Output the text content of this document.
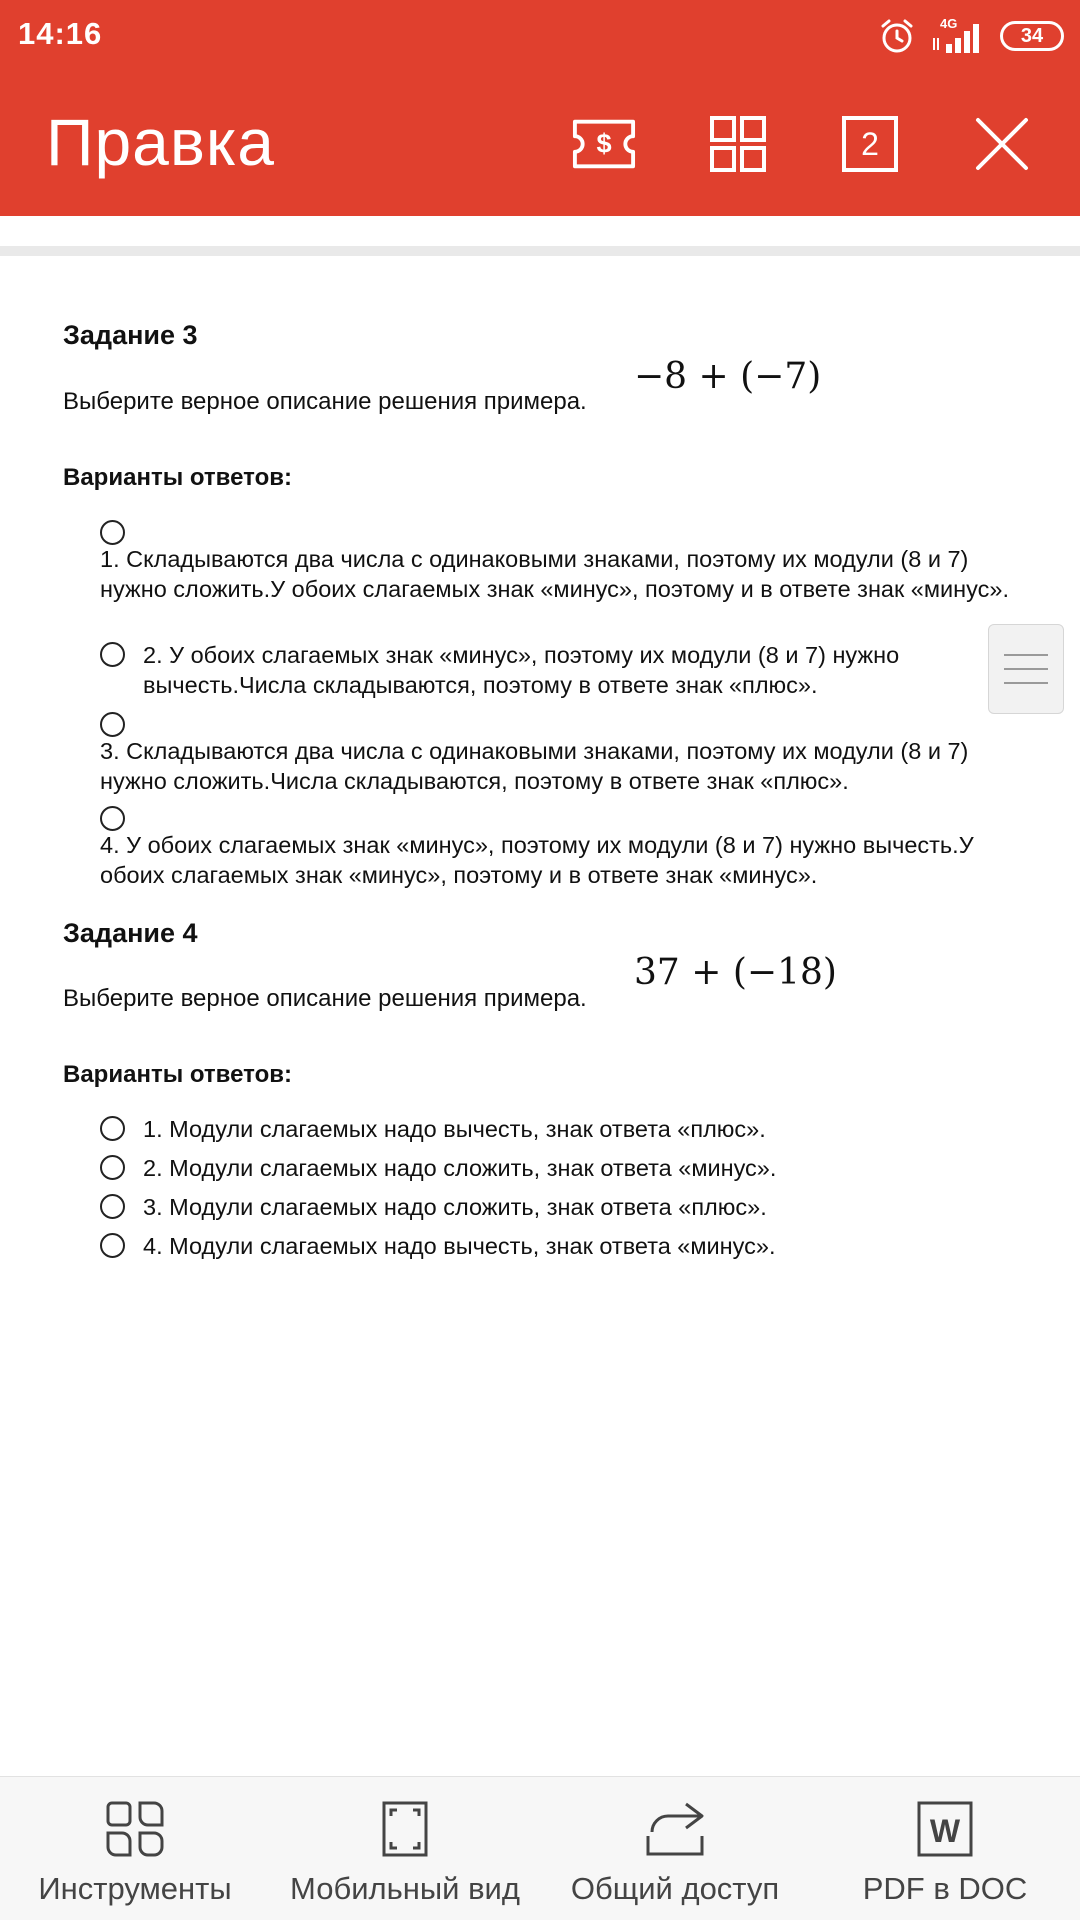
14:16	4G
34
Правка	$	2
Задание 3
Выберите верное описание решения примера.
−8 + (−7)
Варианты ответов:
1. Складываются два числа с одинаковыми знаками, поэтому их модули (8 и 7) нужно сложить.У обоих слагаемых знак «минус», поэтому и в ответе знак «минус».
2. У обоих слагаемых знак «минус», поэтому их модули (8 и 7) нужно вычесть.Числа складываются, поэтому в ответе знак «плюс».
3. Складываются два числа с одинаковыми знаками, поэтому их модули (8 и 7) нужно сложить.Числа складываются, поэтому в ответе знак «плюс».
4. У обоих слагаемых знак «минус», поэтому их модули (8 и 7) нужно вычесть.У обоих слагаемых знак «минус», поэтому и в ответе знак «минус».
Задание 4
Выберите верное описание решения примера.
37 + (−18)
Варианты ответов:
1. Модули слагаемых надо вычесть, знак ответа «плюс».
2. Модули слагаемых надо сложить, знак ответа «минус».
3. Модули слагаемых надо сложить, знак ответа «плюс».
4. Модули слагаемых надо вычесть, знак ответа «минус».
Инструменты Мобильный вид Общий доступ
W
PDF в DOC
